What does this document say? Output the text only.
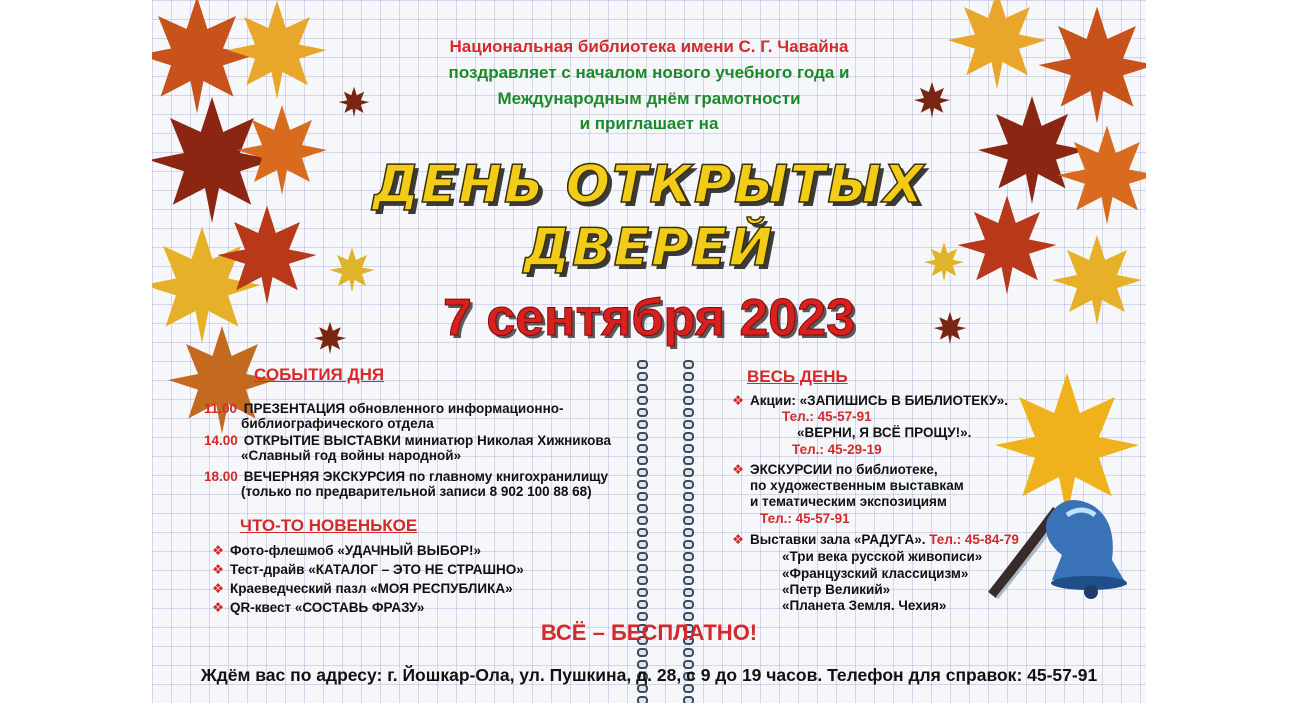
Национальная библиотека имени С. Г. Чавайна
поздравляет с началом нового учебного года и
Международным днём грамотности
и приглашает на
ДЕНЬ ОТКРЫТЫХ
ДВЕРЕЙ
7 сентября 2023
СОБЫТИЯ ДНЯ
11.00 ПРЕЗЕНТАЦИЯ обновленного информационно-
библиографического отдела
14.00 ОТКРЫТИЕ ВЫСТАВКИ миниатюр Николая Хижникова
«Славный год войны народной»
18.00 ВЕЧЕРНЯЯ ЭКСКУРСИЯ по главному книгохранилищу
(только по предварительной записи 8 902 100 88 68)
ЧТО-ТО НОВЕНЬКОЕ
❖ Фото-флешмоб «УДАЧНЫЙ ВЫБОР!»
❖ Тест-драйв «КАТАЛОГ – ЭТО НЕ СТРАШНО»
❖ Краеведческий пазл «МОЯ РЕСПУБЛИКА»
❖ QR-квест «СОСТАВЬ ФРАЗУ»
ВЕСЬ ДЕНЬ
❖ Акции: «ЗАПИШИСЬ В БИБЛИОТЕКУ».
Тел.: 45-57-91
«ВЕРНИ, Я ВСЁ ПРОЩУ!».
Тел.: 45-29-19
❖ ЭКСКУРСИИ по библиотеке,
по художественным выставкам
и тематическим экспозициям
Тел.: 45-57-91
❖ Выставки зала «РАДУГА». Тел.: 45-84-79
«Три века русской живописи»
«Французский классицизм»
«Петр Великий»
«Планета Земля. Чехия»
ВСЁ – БЕСПЛАТНО!
Ждём вас по адресу: г. Йошкар-Ола, ул. Пушкина, д. 28, с 9 до 19 часов. Телефон для справок: 45-57-91
